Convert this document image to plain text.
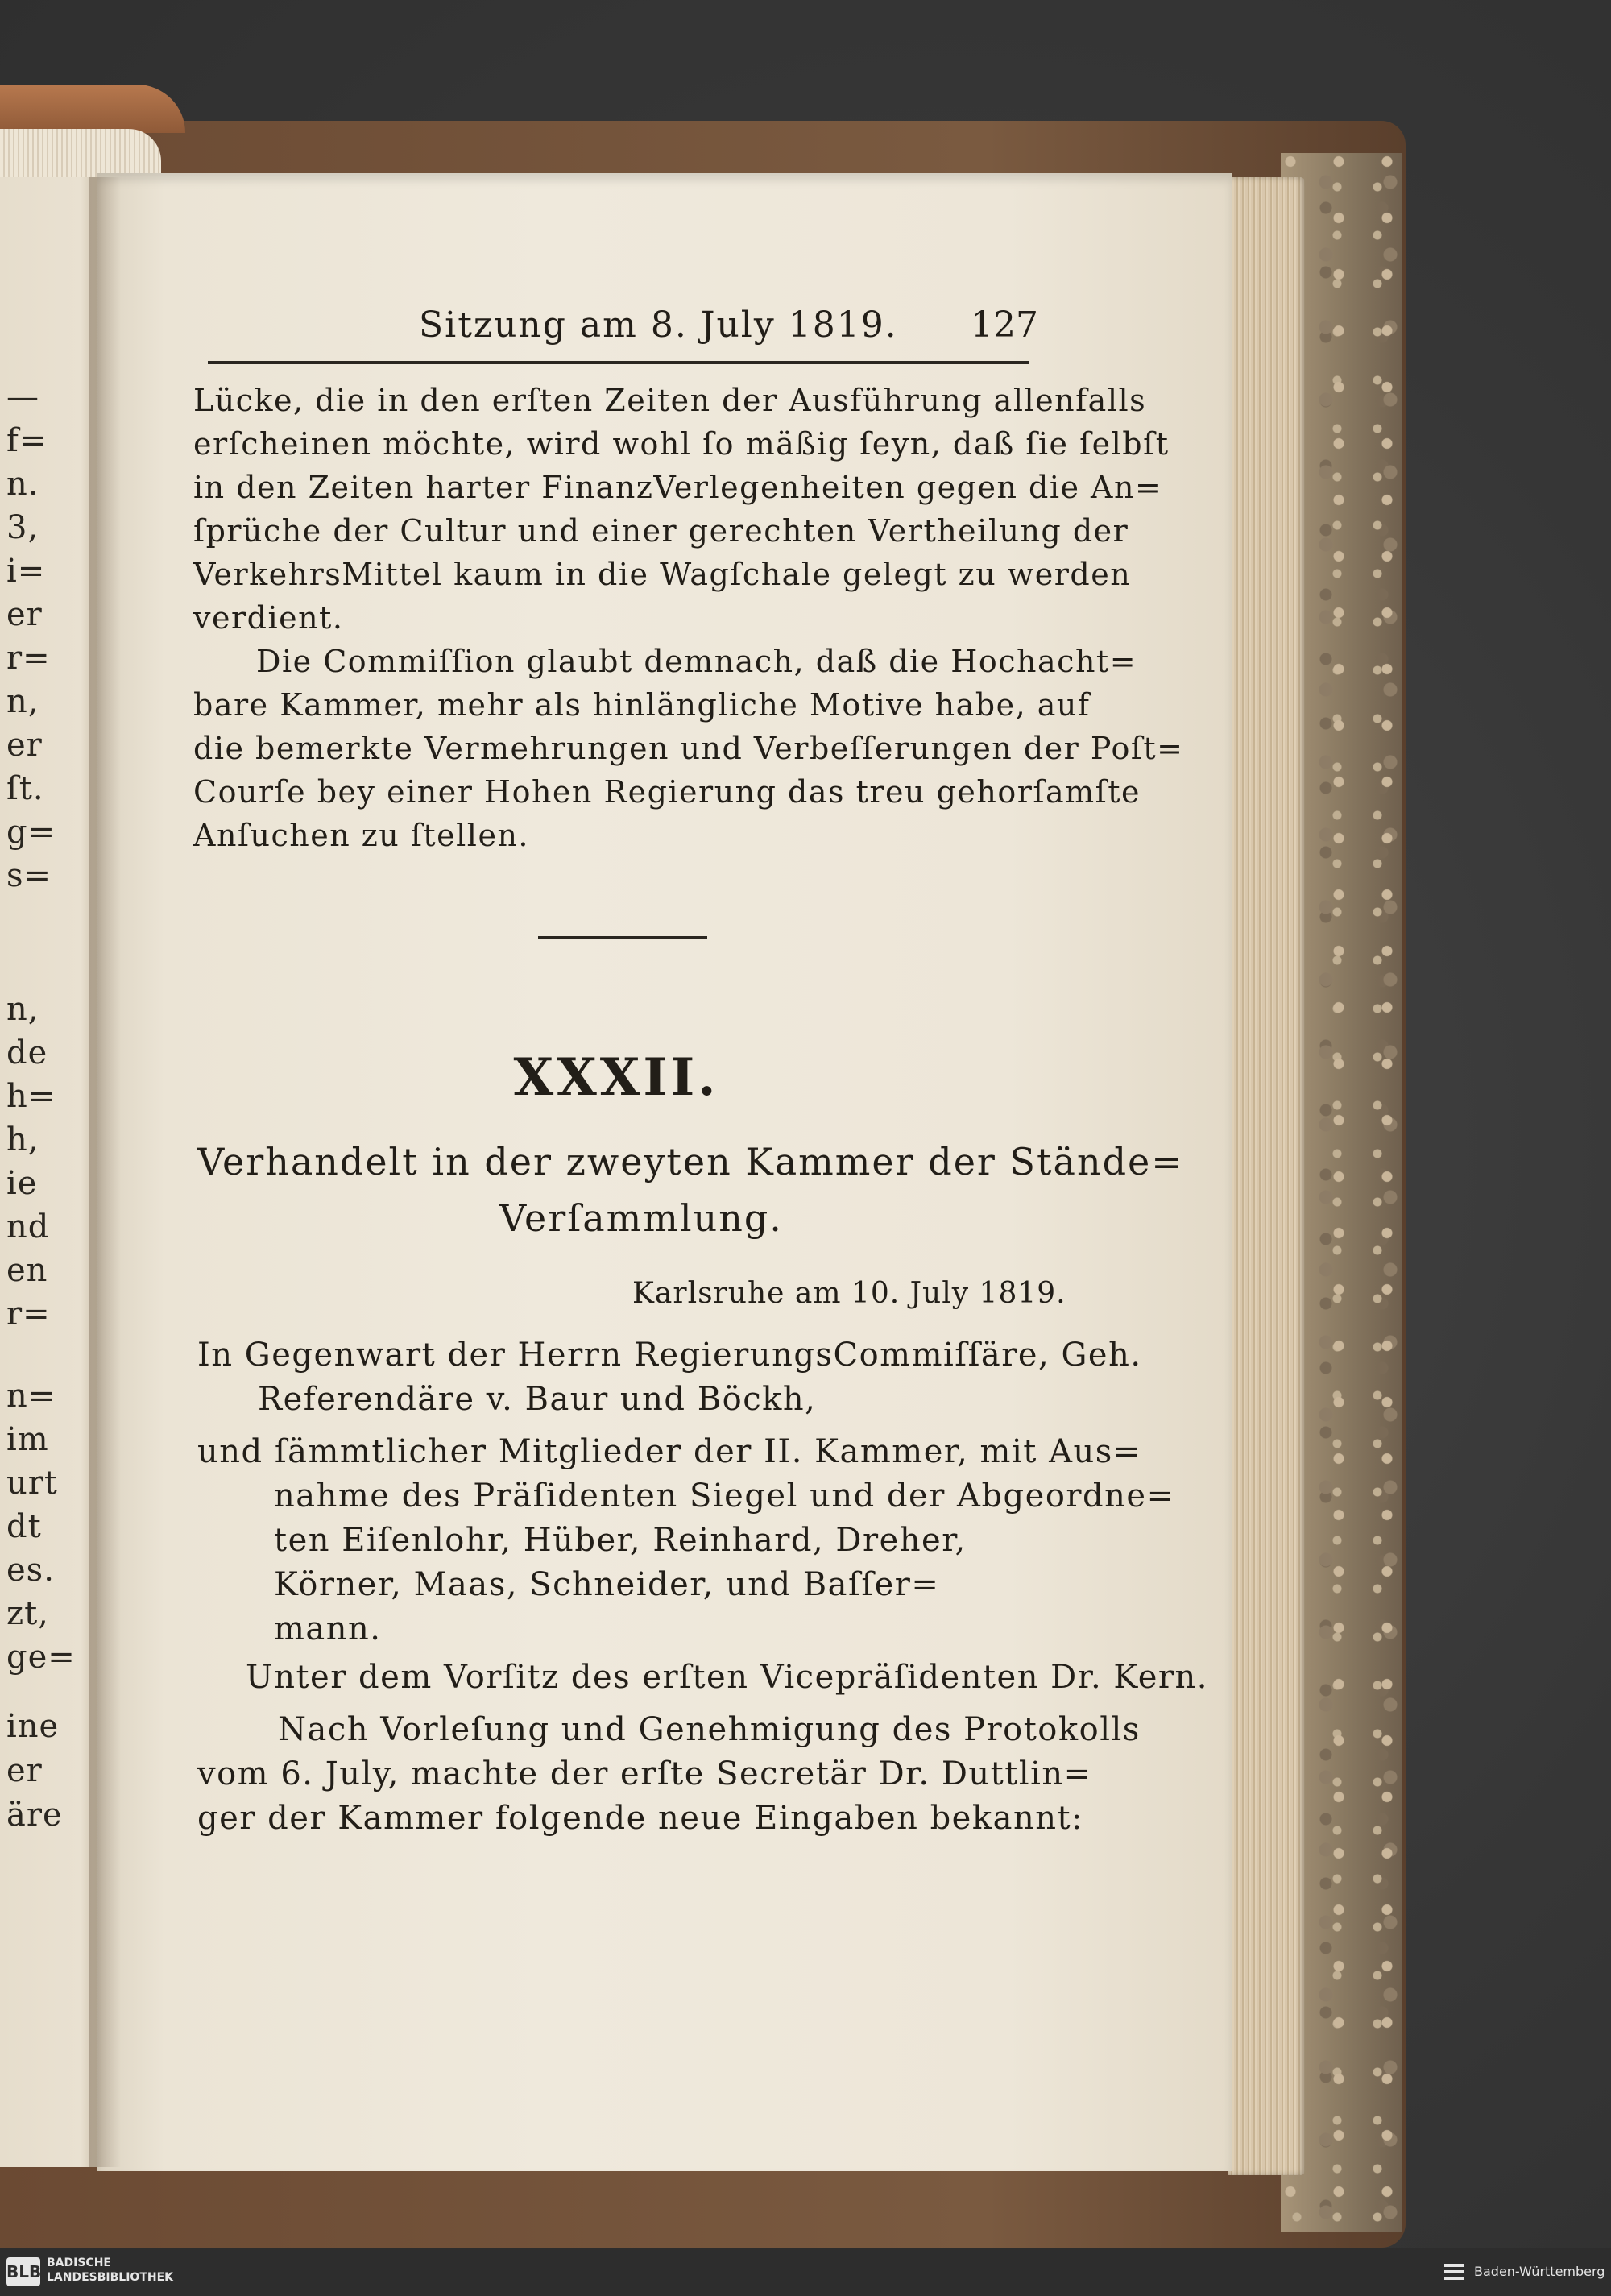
—
f=
n.
3,
i=
er
r=
n,
er
ſt.
g=
s=
n,
de
h=
h,
ie
nd
en
r=
n=
im
urt
dt
es.
zt,
ge=
ine
er
äre
Sitzung am 8. July 1819. 127
Lücke, die in den erſten Zeiten der Ausführung allenfalls
erſcheinen möchte, wird wohl ſo mäßig ſeyn, daß ſie ſelbſt
in den Zeiten harter FinanzVerlegenheiten gegen die An=
ſprüche der Cultur und einer gerechten Vertheilung der
VerkehrsMittel kaum in die Wagſchale gelegt zu werden
verdient.
Die Commiſſion glaubt demnach, daß die Hochacht=
bare Kammer, mehr als hinlängliche Motive habe, auf
die bemerkte Vermehrungen und Verbeſſerungen der Poſt=
Courſe bey einer Hohen Regierung das treu gehorſamſte
Anſuchen zu ſtellen.
XXXII.
Verhandelt in der zweyten Kammer der Stände=
Verſammlung.
Karlsruhe am 10. July 1819.
In Gegenwart der Herrn RegierungsCommiſſäre, Geh.
Referendäre v. Baur und Böckh,
und ſämmtlicher Mitglieder der II. Kammer, mit Aus=
nahme des Präſidenten Siegel und der Abgeordne=
ten Eiſenlohr, Hüber, Reinhard, Dreher,
Körner, Maas, Schneider, und Baſſer=
mann.
Unter dem Vorſitz des erſten Vicepräſidenten Dr. Kern.
Nach Vorleſung und Genehmigung des Protokolls
vom 6. July, machte der erſte Secretär Dr. Duttlin=
ger der Kammer folgende neue Eingaben bekannt:
BLB BADISCHE
LANDESBIBLIOTHEK	Baden-Württemberg
